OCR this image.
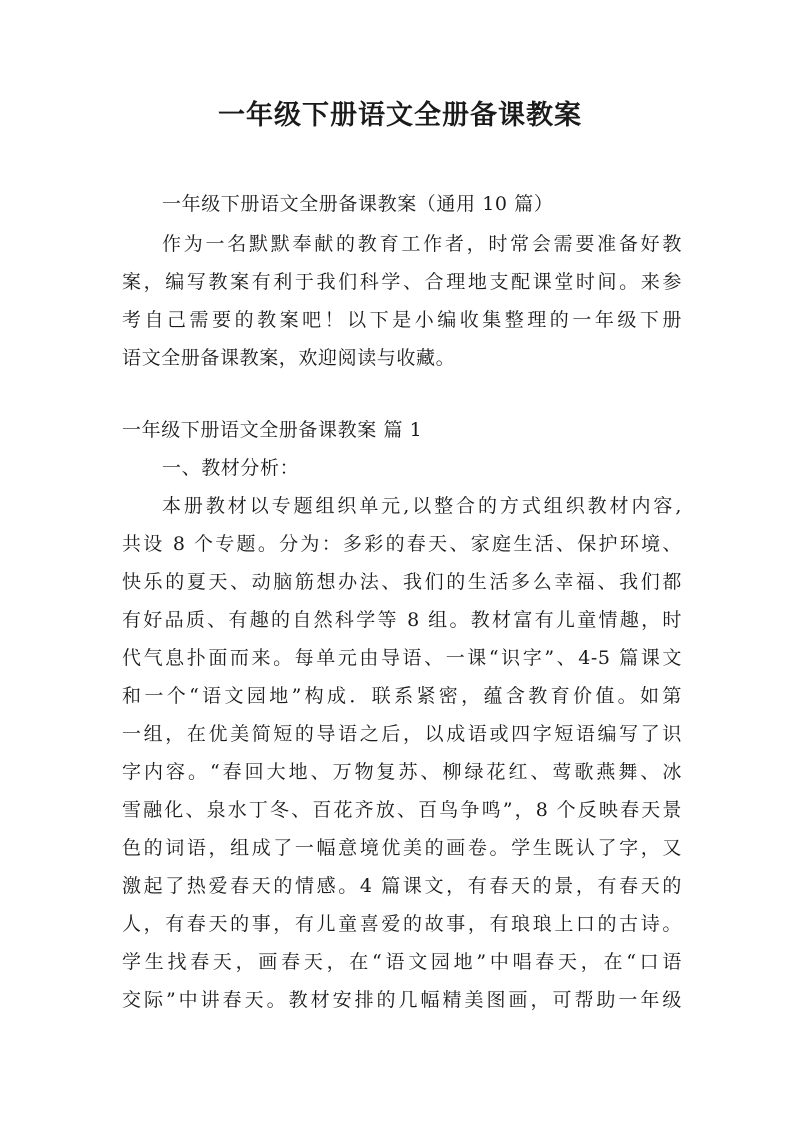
一年级下册语文全册备课教案
一年级下册语文全册备课教案（通用 10 篇）
作为一名默默奉献的教育工作者，时常会需要准备好教
案，编写教案有利于我们科学、合理地支配课堂时间。来参
考自己需要的教案吧！以下是小编收集整理的一年级下册
语文全册备课教案，欢迎阅读与收藏。
一年级下册语文全册备课教案 篇 1
一、教材分析：
本册教材以专题组织单元,以整合的方式组织教材内容,
共设 8 个专题。分为：多彩的春天、家庭生活、保护环境、
快乐的夏天、动脑筋想办法、我们的生活多么幸福、我们都
有好品质、有趣的自然科学等 8 组。教材富有儿童情趣，时
代气息扑面而来。每单元由导语、一课“识字”、4-5 篇课文
和一个“语文园地”构成．联系紧密，蕴含教育价值。如第
一组，在优美简短的导语之后，以成语或四字短语编写了识
字内容。“春回大地、万物复苏、柳绿花红、莺歌燕舞、冰
雪融化、泉水丁冬、百花齐放、百鸟争鸣”，8 个反映春天景
色的词语，组成了一幅意境优美的画卷。学生既认了字，又
激起了热爱春天的情感。4 篇课文，有春天的景，有春天的
人，有春天的事，有儿童喜爱的故事，有琅琅上口的古诗。
学生找春天，画春天，在“语文园地”中唱春天，在“口语
交际”中讲春天。教材安排的几幅精美图画，可帮助一年级
